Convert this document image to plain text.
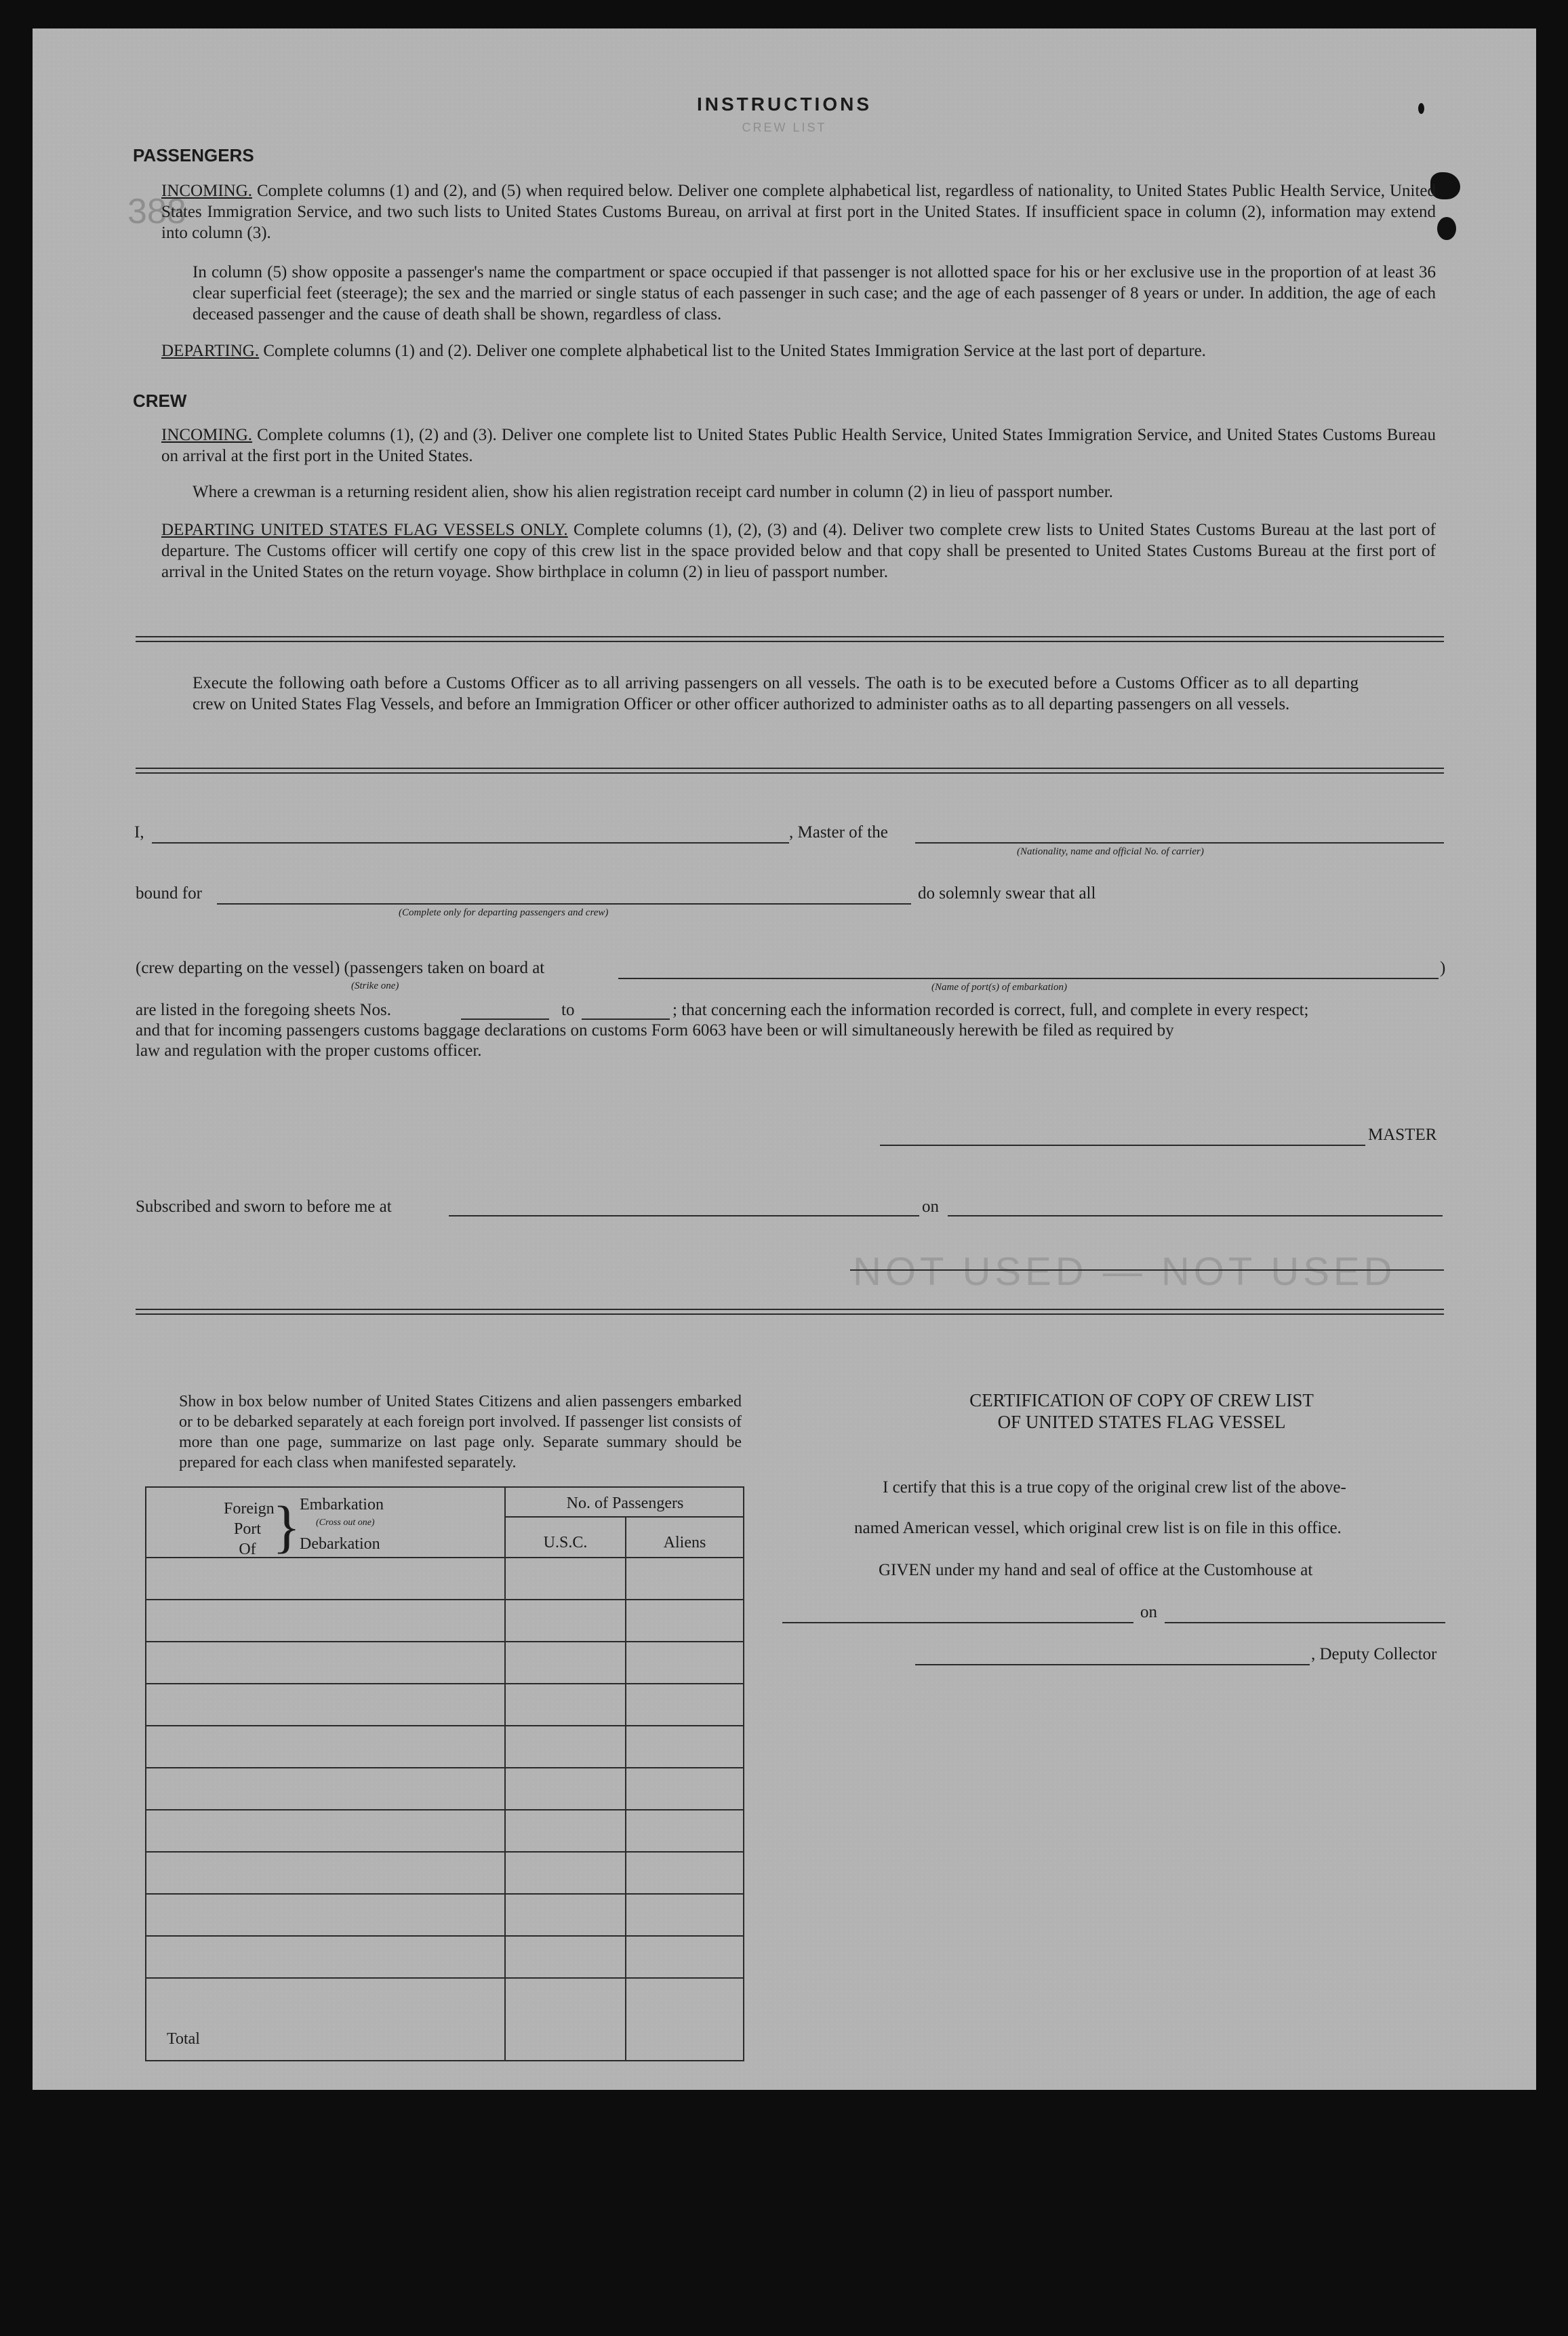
388
NOT USED — NOT USED
INSTRUCTIONS
CREW LIST
PASSENGERS
INCOMING. Complete columns (1) and (2), and (5) when required below. Deliver one complete alphabetical list, regardless of nationality, to United States Public Health Service, United States Immigration Service, and two such lists to United States Customs Bureau, on arrival at first port in the United States. If insufficient space in column (2), information may extend into column (3).
In column (5) show opposite a passenger's name the compartment or space occupied if that passenger is not allotted space for his or her exclusive use in the proportion of at least 36 clear superficial feet (steerage); the sex and the married or single status of each passenger in such case; and the age of each passenger of 8 years or under. In addition, the age of each deceased passenger and the cause of death shall be shown, regardless of class.
DEPARTING. Complete columns (1) and (2). Deliver one complete alphabetical list to the United States Immigration Service at the last port of departure.
CREW
INCOMING. Complete columns (1), (2) and (3). Deliver one complete list to United States Public Health Service, United States Immigration Service, and United States Customs Bureau on arrival at the first port in the United States.
Where a crewman is a returning resident alien, show his alien registration receipt card number in column (2) in lieu of passport number.
DEPARTING UNITED STATES FLAG VESSELS ONLY. Complete columns (1), (2), (3) and (4). Deliver two complete crew lists to United States Customs Bureau at the last port of departure. The Customs officer will certify one copy of this crew list in the space provided below and that copy shall be presented to United States Customs Bureau at the first port of arrival in the United States on the return voyage. Show birthplace in column (2) in lieu of passport number.
Execute the following oath before a Customs Officer as to all arriving passengers on all vessels. The oath is to be executed before a Customs Officer as to all departing crew on United States Flag Vessels, and before an Immigration Officer or other officer authorized to administer oaths as to all departing passengers on all vessels.
I,	, Master of the
(Nationality, name and official No. of carrier)
bound for
(Complete only for departing passengers and crew)
do solemnly swear that all
(crew departing on the vessel) (passengers taken on board at
(Strike one)	(Name of port(s) of embarkation)
)
are listed in the foregoing sheets Nos.	to	; that concerning each the information recorded is correct, full, and complete in every respect;
and that for incoming passengers customs baggage declarations on customs Form 6063 have been or will simultaneously herewith be filed as required by
law and regulation with the proper customs officer.
MASTER
Subscribed and sworn to before me at	on
Show in box below number of United States Citizens and alien passengers embarked or to be debarked separately at each foreign port involved. If passenger list consists of more than one page, summarize on last page only. Separate summary should be prepared for each class when manifested separately.
Foreign
Port
Of }
Embarkation
(Cross out one)
Debarkation
No. of Passengers
U.S.C.	Aliens
Total
CERTIFICATION OF COPY OF CREW LIST
OF UNITED STATES FLAG VESSEL
I certify that this is a true copy of the original crew list of the above-
named American vessel, which original crew list is on file in this office.
GIVEN under my hand and seal of office at the Customhouse at
on
, Deputy Collector
